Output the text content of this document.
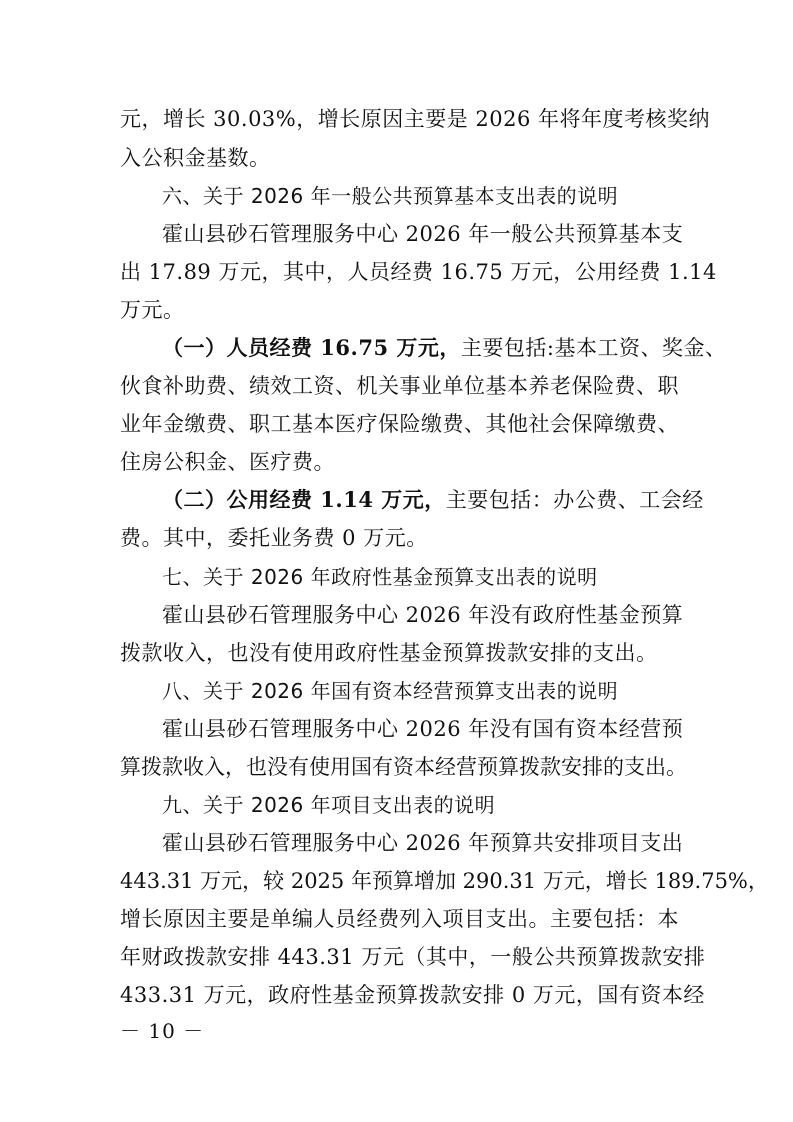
元，增长 30.03%，增长原因主要是 2026 年将年度考核奖纳
入公积金基数。
六、关于 2026 年一般公共预算基本支出表的说明
霍山县砂石管理服务中心 2026 年一般公共预算基本支
出 17.89 万元，其中，人员经费 16.75 万元，公用经费 1.14
万元。
（一）人员经费 16.75 万元，主要包括:基本工资、奖金、
伙食补助费、绩效工资、机关事业单位基本养老保险费、职
业年金缴费、职工基本医疗保险缴费、其他社会保障缴费、
住房公积金、医疗费。
（二）公用经费 1.14 万元，主要包括：办公费、工会经
费。其中，委托业务费 0 万元。
七、关于 2026 年政府性基金预算支出表的说明
霍山县砂石管理服务中心 2026 年没有政府性基金预算
拨款收入，也没有使用政府性基金预算拨款安排的支出。
八、关于 2026 年国有资本经营预算支出表的说明
霍山县砂石管理服务中心 2026 年没有国有资本经营预
算拨款收入，也没有使用国有资本经营预算拨款安排的支出。
九、关于 2026 年项目支出表的说明
霍山县砂石管理服务中心 2026 年预算共安排项目支出
443.31 万元，较 2025 年预算增加 290.31 万元，增长 189.75%，
增长原因主要是单编人员经费列入项目支出。主要包括：本
年财政拨款安排 443.31 万元（其中，一般公共预算拨款安排
433.31 万元，政府性基金预算拨款安排 0 万元，国有资本经
－ 10 －
